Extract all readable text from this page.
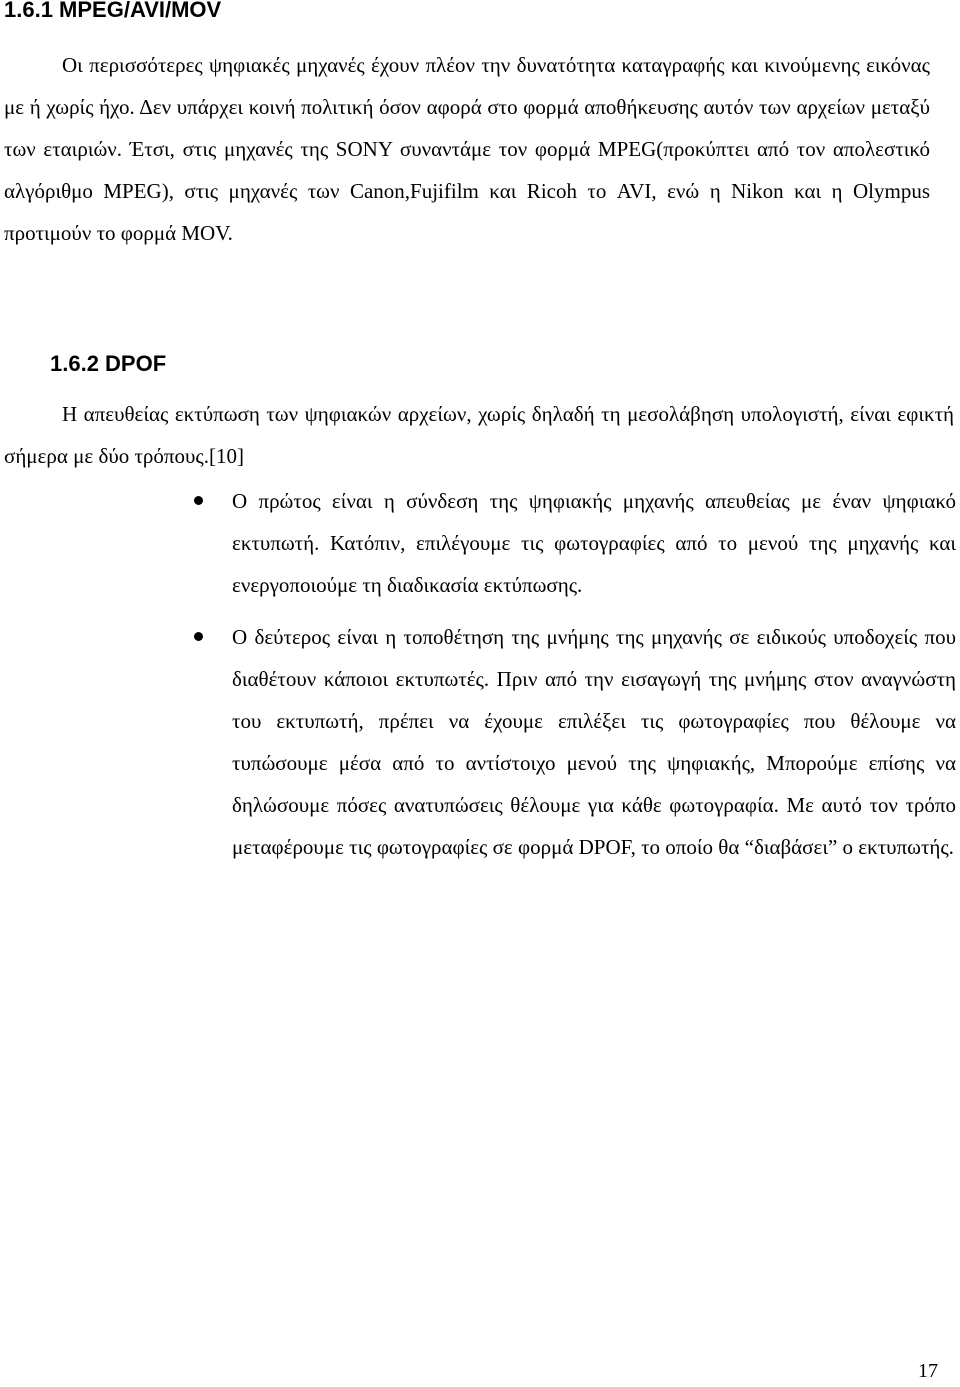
1.6.1 MPEG/AVI/MOV

Οι περισσότερες ψηφιακές μηχανές έχουν πλέον την δυνατότητα καταγραφής και κινούμενης εικόνας με ή χωρίς ήχο. Δεν υπάρχει κοινή πολιτική όσον αφορά στο φορμά αποθήκευσης αυτόν των αρχείων μεταξύ των εταιριών. Έτσι, στις μηχανές της SONY συναντάμε τον φορμά MPEG(προκύπτει από τον απολεστικό αλγόριθμο MPEG), στις μηχανές των Canon,Fujifilm και Ricoh το AVI, ενώ η Nikon και η Olympus προτιμούν το φορμά MOV.

1.6.2 DPOF

Η απευθείας εκτύπωση των ψηφιακών αρχείων, χωρίς δηλαδή τη μεσολάβηση υπολογιστή, είναι εφικτή σήμερα με δύο τρόπους.[10]

Ο πρώτος είναι η σύνδεση της ψηφιακής μηχανής απευθείας με έναν ψηφιακό εκτυπωτή. Κατόπιν, επιλέγουμε τις φωτογραφίες από το μενού της μηχανής και ενεργοποιούμε τη διαδικασία εκτύπωσης.
Ο δεύτερος είναι η τοποθέτηση της μνήμης της μηχανής σε ειδικούς υποδοχείς που διαθέτουν κάποιοι εκτυπωτές. Πριν από την εισαγωγή της μνήμης στον αναγνώστη του εκτυπωτή, πρέπει να έχουμε επιλέξει τις φωτογραφίες που θέλουμε να τυπώσουμε μέσα από το αντίστοιχο μενού της ψηφιακής, Μπορούμε επίσης να δηλώσουμε πόσες ανατυπώσεις θέλουμε για κάθε φωτογραφία. Με αυτό τον τρόπο μεταφέρουμε τις φωτογραφίες σε φορμά DPOF, το οποίο θα “διαβάσει” ο εκτυπωτής.
17
